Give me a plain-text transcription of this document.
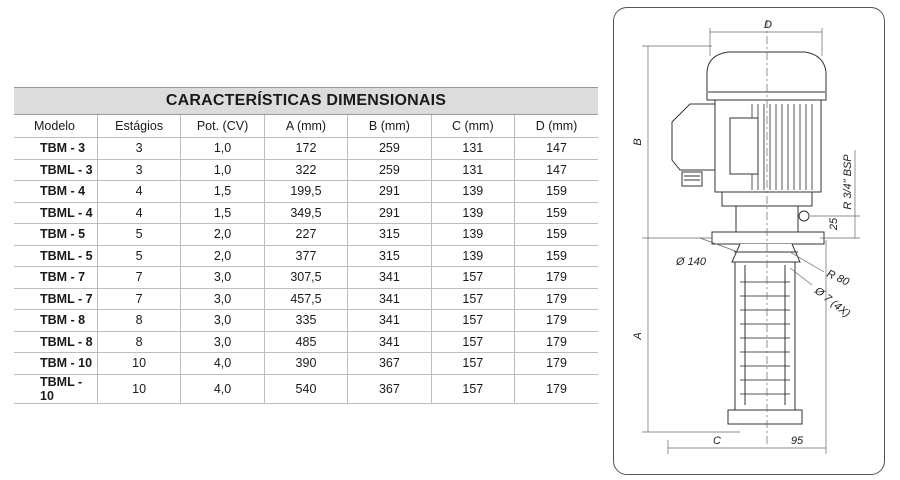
CARACTERÍSTICAS DIMENSIONAIS						
Modelo	Estágios	Pot. (CV)	A (mm)	B (mm)	C (mm)	D (mm)
TBM - 3	3	1,0	172	259	131	147
TBML - 3	3	1,0	322	259	131	147
TBM - 4	4	1,5	199,5	291	139	159
TBML - 4	4	1,5	349,5	291	139	159
TBM - 5	5	2,0	227	315	139	159
TBML - 5	5	2,0	377	315	139	159
TBM - 7	7	3,0	307,5	341	157	179
TBML - 7	7	3,0	457,5	341	157	179
TBM - 8	8	3,0	335	341	157	179
TBML - 8	8	3,0	485	341	157	179
TBM - 10	10	4,0	390	367	157	179
TBML - 10	10	4,0	540	367	157	179
D
B
A
C	95
R 3/4" BSP
25
Ø 140
R 80
Ø 7 (4X)
